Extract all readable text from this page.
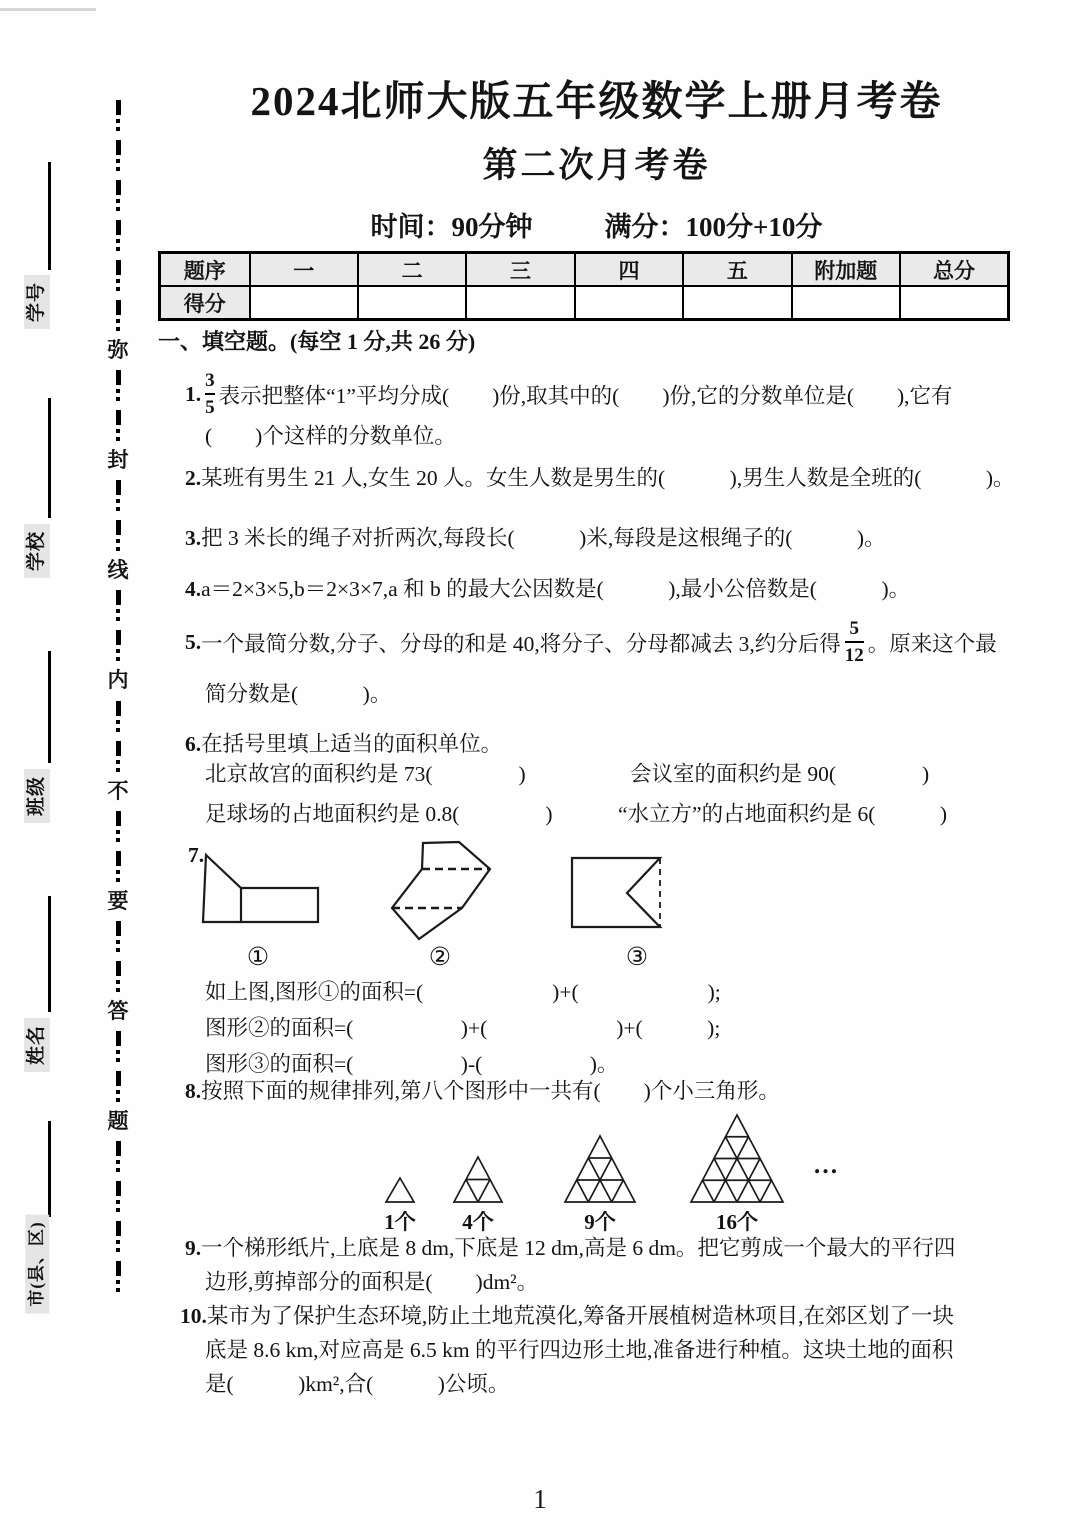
学号
学校
班级
姓名
市(县、区)
弥
封
线
内
不
要
答
题
2024北师大版五年级数学上册月考卷
第二次月考卷
时间：90分钟	满分：100分+10分
题序	一	二	三	四	五	附加题	总分
得分							
一、填空题。(每空 1 分,共 26 分)
1. $\frac{3}{5}$ 表示把整体“1”平均分成(　　)份,取其中的(　　)份,它的分数单位是(　　),它有
(　　)个这样的分数单位。
2.某班有男生 21 人,女生 20 人。女生人数是男生的(　　　),男生人数是全班的(　　　)。
3.把 3 米长的绳子对折两次,每段长(　　　)米,每段是这根绳子的(　　　)。
4.a＝2×3×5,b＝2×3×7,a 和 b 的最大公因数是(　　　),最小公倍数是(　　　)。
5. 一个最简分数,分子、分母的和是 40,将分子、分母都减去 3,约分后得 $\frac{5}{12}$ 。原来这个最
简分数是(　　　)。
6.在括号里填上适当的面积单位。
北京故宫的面积约是 73(　　　　)	会议室的面积约是 90(　　　　)
足球场的占地面积约是 0.8(　　　　)	“水立方”的占地面积约是 6(　　　)
7.
①	②	③
如上图,图形①的面积=(　　　　　　)+(　　　　　　);
图形②的面积=(　　　　　)+(　　　　　　)+(　　　);
图形③的面积=(　　　　　)-(　　　　　)。
8.按照下面的规律排列,第八个图形中一共有(　　)个小三角形。
1个 4个	9个	16个
…
9.一个梯形纸片,上底是 8 dm,下底是 12 dm,高是 6 dm。把它剪成一个最大的平行四
边形,剪掉部分的面积是(　　)dm²。
10.某市为了保护生态环境,防止土地荒漠化,筹备开展植树造林项目,在郊区划了一块
底是 8.6 km,对应高是 6.5 km 的平行四边形土地,准备进行种植。这块土地的面积
是(　　　)km²,合(　　　)公顷。
1
